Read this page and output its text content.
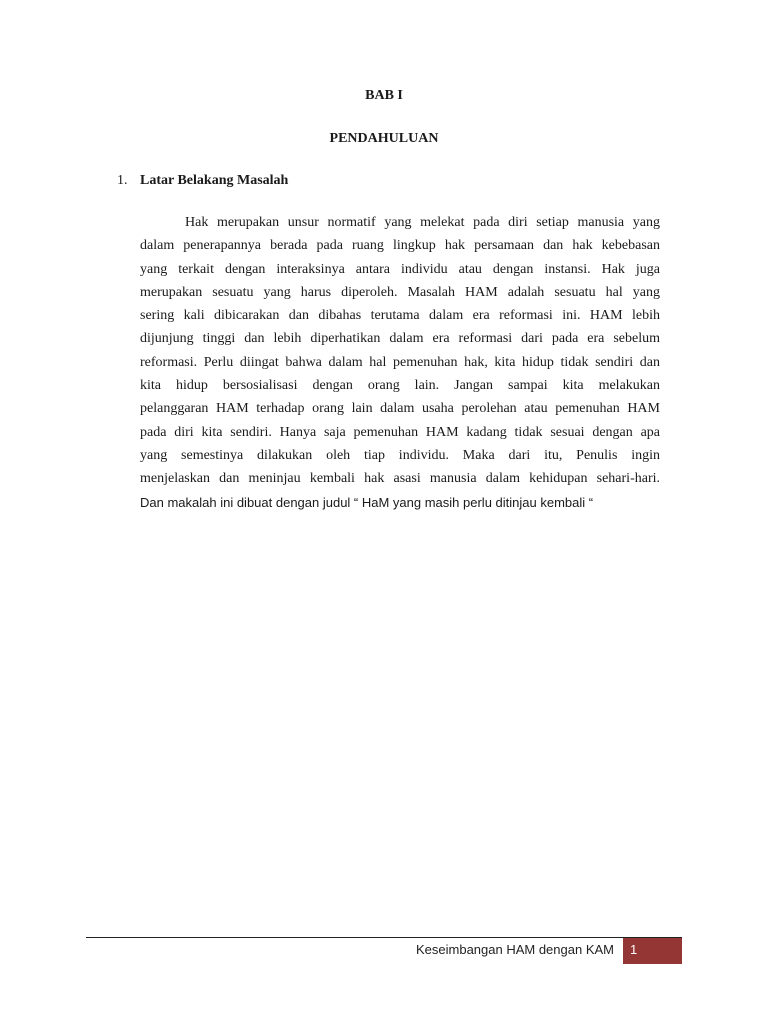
BAB I
PENDAHULUAN
1. Latar Belakang Masalah
Hak merupakan unsur normatif yang melekat pada diri setiap manusia yang
dalam penerapannya berada pada ruang lingkup hak persamaan dan hak kebebasan
yang terkait dengan interaksinya antara individu atau dengan instansi. Hak juga
merupakan sesuatu yang harus diperoleh. Masalah HAM adalah sesuatu hal yang
sering kali dibicarakan dan dibahas terutama dalam era reformasi ini. HAM lebih
dijunjung tinggi dan lebih diperhatikan dalam era reformasi dari pada era sebelum
reformasi. Perlu diingat bahwa dalam hal pemenuhan hak, kita hidup tidak sendiri dan
kita hidup bersosialisasi dengan orang lain. Jangan sampai kita melakukan
pelanggaran HAM terhadap orang lain dalam usaha perolehan atau pemenuhan HAM
pada diri kita sendiri. Hanya saja pemenuhan HAM kadang tidak sesuai dengan apa
yang semestinya dilakukan oleh tiap individu. Maka dari itu, Penulis ingin
menjelaskan dan meninjau kembali hak asasi manusia dalam kehidupan sehari-hari.
Dan makalah ini dibuat dengan judul “ HaM yang masih perlu ditinjau kembali “
Keseimbangan HAM dengan KAM	1
